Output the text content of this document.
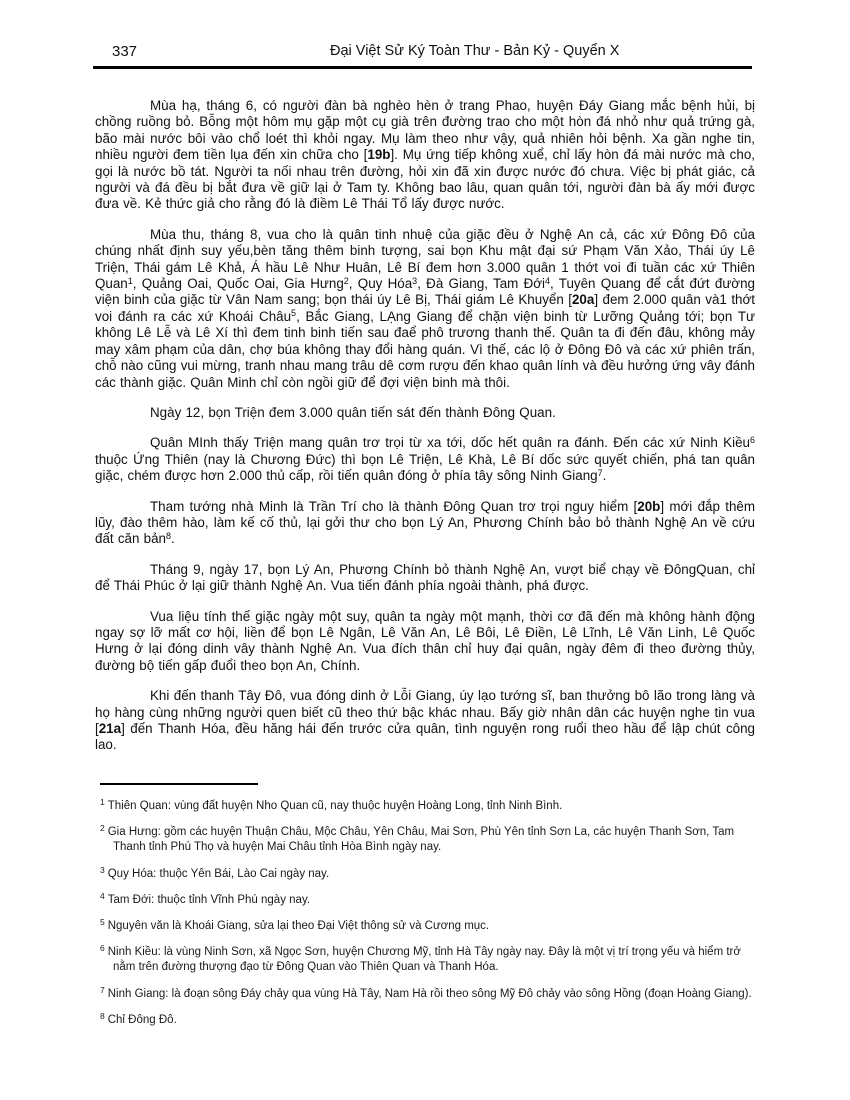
337	Đại Việt Sử Ký Toàn Thư - Bản Kỷ - Quyển X

Mùa hạ, tháng 6, có người đàn bà nghèo hèn ở trang Phao, huyện Đáy Giang mắc bệnh hủi, bị chồng ruồng bỏ. Bỗng một hôm mụ gặp một cụ già trên đường trao cho một hòn đá nhỏ như quả trứng gà, bão mài nước bôi vào chổ loét thì khỏi ngay. Mụ làm theo như vậy, quả nhiên hỏi bệnh. Xa gần nghe tin, nhiều người đem tiền lụa đến xin chữa cho [19b]. Mụ ứng tiếp không xuể, chỉ lấy hòn đá mài nước mà cho, gọi là nước bồ tát. Người ta nối nhau trên đường, hỏi xin đã xin được nước đó chưa. Việc bị phát giác, cả người và đá đều bị bắt đưa về giữ lại ở Tam ty. Không bao lâu, quan quân tới, người đàn bà ấy mới được đưa về. Kẻ thức giả cho rằng đó là điềm Lê Thái Tổ lấy được nước.

Mùa thu, tháng 8, vua cho là quân tinh nhuệ của giặc đều ở Nghệ An cả, các xứ Đông Đô của chúng nhất định suy yếu,bèn tăng thêm binh tượng, sai bọn Khu mật đại sứ Phạm Văn Xảo, Thái úy Lê Triện, Thái gám Lê Khả, Á hầu Lê Như Huân, Lê Bí đem hơn 3.000 quân 1 thớt voi đi tuần các xứ Thiên Quan$^1$, Quảng Oai, Quốc Oai, Gia Hưng$^2$, Quy Hóa$^3$, Đà Giang, Tam Đới$^4$, Tuyên Quang để cắt đứt đường viện binh của giặc từ Vân Nam sang; bọn thái úy Lê Bị, Thái giám Lê Khuyển [20a] đem 2.000 quân và1 thớt voi đánh ra các xứ Khoái Châu$^5$, Bắc Giang, LẠng Giang để chặn viện binh từ Lưỡng Quảng tới; bọn Tư không Lê Lễ và Lê Xí thì đem tinh binh tiến sau đaể phô trương thanh thế. Quân ta đi đến đâu, không mảy may xâm phạm của dân, chợ búa không thay đổi hàng quán. Vì thế, các lộ ở Đông Đô và các xứ phiên trấn, chỗ nào cũng vui mừng, tranh nhau mang trâu dê cơm rượu đến khao quân lính và đều hưởng ứng vây đánh các thành giặc. Quân Minh chỉ còn ngồi giữ để đợi viện binh mà thôi.

Ngày 12, bọn Triện đem 3.000 quân tiến sát đến thành Đông Quan.

Quân MInh thấy Triện mang quân trơ trọi từ xa tới, dốc hết quân ra đánh. Đến các xứ Ninh Kiều$^6$ thuộc Ứng Thiên (nay là Chương Đức) thì bọn Lê Triện, Lê Khà, Lê Bí dốc sức quyết chiến, phá tan quân giặc, chém được hơn 2.000 thủ cấp, rồi tiến quân đóng ở phía tây sông Ninh Giang$^7$.

Tham tướng nhà Minh là Trần Trí cho là thành Đông Quan trơ trọi nguy hiểm [20b] mới đắp thêm lũy, đào thêm hào, làm kế cố thủ, lại gởi thư cho bọn Lý An, Phương Chính bảo bỏ thành Nghệ An về cứu đất căn bản$^8$.

Tháng 9, ngày 17, bọn Lý An, Phương Chính bỏ thành Nghệ An, vượt biể chạy về ĐôngQuan, chỉ để Thái Phúc ở lại giữ thành Nghệ An. Vua tiến đánh phía ngoài thành, phá được.

Vua liệu tính thế giặc ngày một suy, quân ta ngày một mạnh, thời cơ đã đến mà không hành động ngay sợ lỡ mất cơ hội, liền để bọn Lê Ngân, Lê Văn An, Lê Bôi, Lê Điền, Lê Lĩnh, Lê Văn Linh, Lê Quốc Hưng ở lại đóng dinh vây thành Nghệ An. Vua đích thân chỉ huy đại quân, ngày đêm đi theo đường thủy, đường bộ tiến gấp đuổi theo bọn An, Chính.

Khi đến thanh Tây Đô, vua đóng dinh ở Lỗi Giang, úy lạo tướng sĩ, ban thưởng bô lão trong làng và họ hàng cùng những người quen biết cũ theo thứ bậc khác nhau. Bấy giờ nhân dân các huyện nghe tin vua [21a] đến Thanh Hóa, đều hăng hái đến trước cửa quân, tình nguyện rong ruổi theo hầu để lập chút công lao.

$^1$ Thiên Quan: vùng đất huyện Nho Quan cũ, nay thuộc huyện Hoàng Long, tỉnh Ninh Bình.
$^2$ Gia Hưng: gồm các huyện Thuận Châu, Mộc Châu, Yên Châu, Mai Sơn, Phù Yên tỉnh Sơn La, các huyện Thanh Sơn, Tam Thanh tỉnh Phú Thọ và huyện Mai Châu tỉnh Hòa Bình ngày nay.
$^3$ Quy Hóa: thuộc Yên Bái, Lào Cai ngày nay.
$^4$ Tam Đới: thuộc tỉnh Vĩnh Phú ngày nay.
$^5$ Nguyên văn là Khoái Giang, sửa lại theo Đại Việt thông sử và Cương mục.
$^6$ Ninh Kiều: là vùng Ninh Sơn, xã Ngọc Sơn, huyện Chương Mỹ, tỉnh Hà Tây ngày nay. Đây là một vị trí trọng yếu và hiểm trở nằm trên đường thượng đạo từ Đông Quan vào Thiên Quan và Thanh Hóa.
$^7$ Ninh Giang: là đoạn sông Đáy chảy qua vùng Hà Tây, Nam Hà rồi theo sông Mỹ Đô chảy vào sông Hồng (đoạn Hoàng Giang).
$^8$ Chỉ Đông Đô.
